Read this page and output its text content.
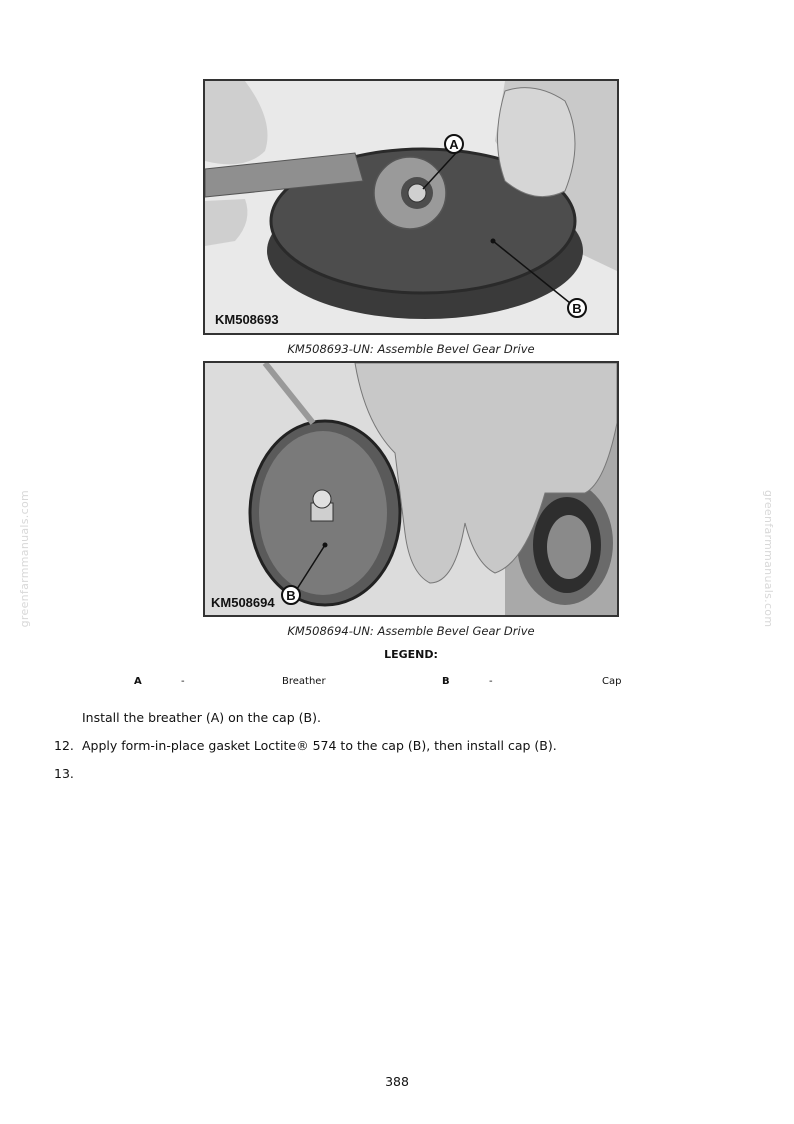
greenfarmmanuals.com	greenfarmmanuals.com
A
B
KM508693
KM508693-UN: Assemble Bevel Gear Drive
B
KM508694
KM508694-UN: Assemble Bevel Gear Drive
LEGEND:
A	-	Breather	B	-	Cap
Install the breather (A) on the cap (B).
12. Apply form-in-place gasket Loctite® 574 to the cap (B), then install cap (B).
13.
388
